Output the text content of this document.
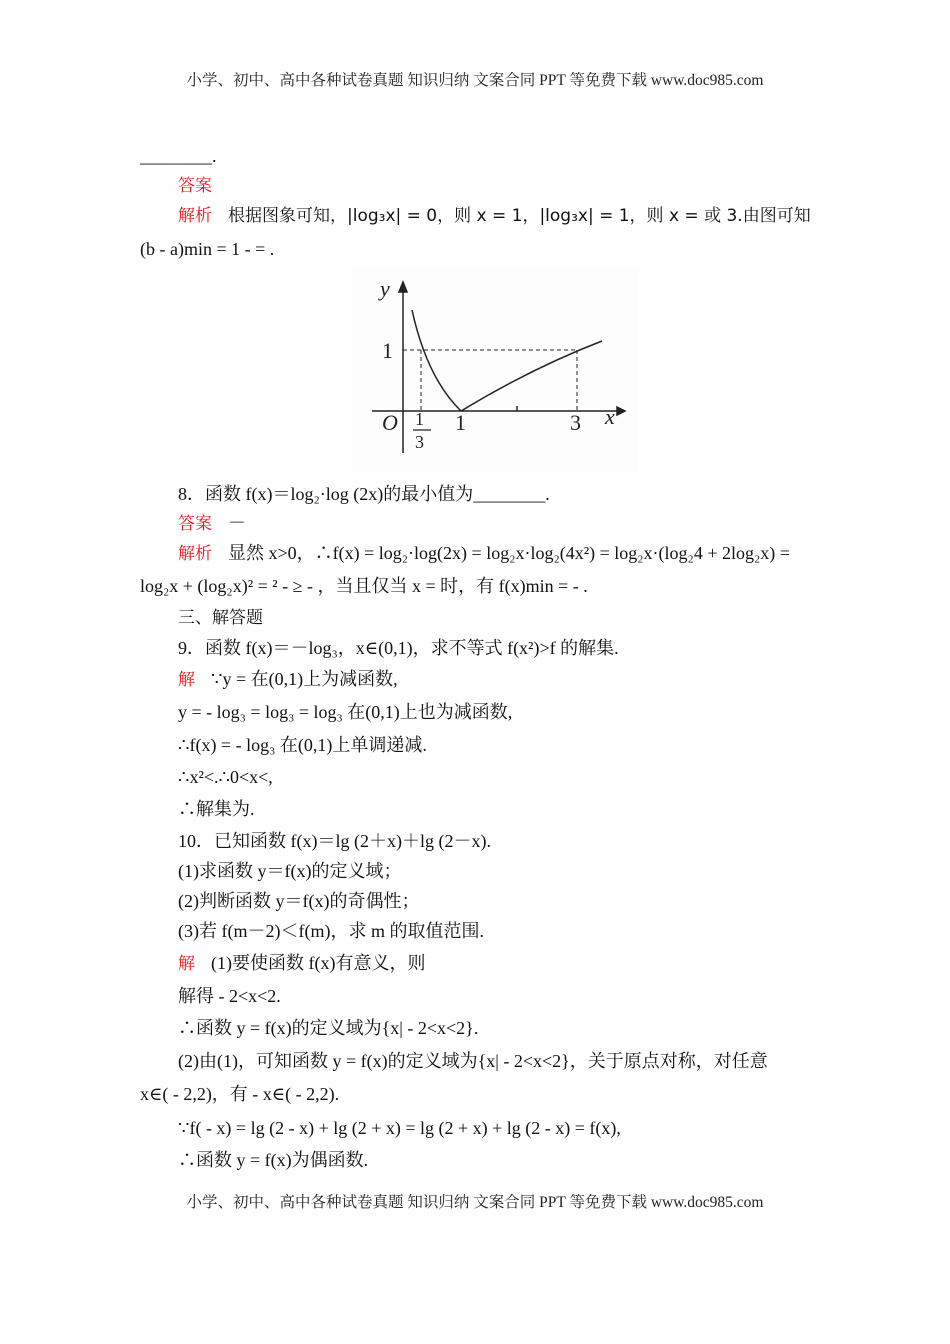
小学、初中、高中各种试卷真题 知识归纳 文案合同 PPT 等免费下载 www.doc985.com
________.
答案
解析 根据图象可知，|log₃x| = 0，则 x = 1，|log₃x| = 1，则 x = 或 3.由图可知
(b - a)min = 1 - = .
y
1
O 1
3
1	3 x
8．函数 f(x)＝log₂·log (2x)的最小值为________.
答案 －
解析 显然 x>0，∴f(x) = log₂·log(2x) = log₂x·log₂(4x²) = log₂x·(log₂4 + 2log₂x) =
log₂x + (log₂x)² = ² - ≥ - ，当且仅当 x = 时，有 f(x)min = - .
三、解答题
9．函数 f(x)＝－log₃，x∈(0,1)，求不等式 f(x²)>f 的解集.
解 ∵y = 在(0,1)上为减函数,
y = - log₃ = log₃ = log₃ 在(0,1)上也为减函数,
∴f(x) = - log₃ 在(0,1)上单调递减.
∴x²<.∴0<x<,
∴解集为.
10．已知函数 f(x)＝lg (2＋x)＋lg (2－x).
(1)求函数 y＝f(x)的定义域；
(2)判断函数 y＝f(x)的奇偶性；
(3)若 f(m－2)＜f(m)，求 m 的取值范围.
解 (1)要使函数 f(x)有意义，则
解得 - 2<x<2.
∴函数 y = f(x)的定义域为{x| - 2<x<2}.
(2)由(1)，可知函数 y = f(x)的定义域为{x| - 2<x<2}，关于原点对称，对任意
x∈( - 2,2)，有 - x∈( - 2,2).
∵f( - x) = lg (2 - x) + lg (2 + x) = lg (2 + x) + lg (2 - x) = f(x),
∴函数 y = f(x)为偶函数.
小学、初中、高中各种试卷真题 知识归纳 文案合同 PPT 等免费下载 www.doc985.com
